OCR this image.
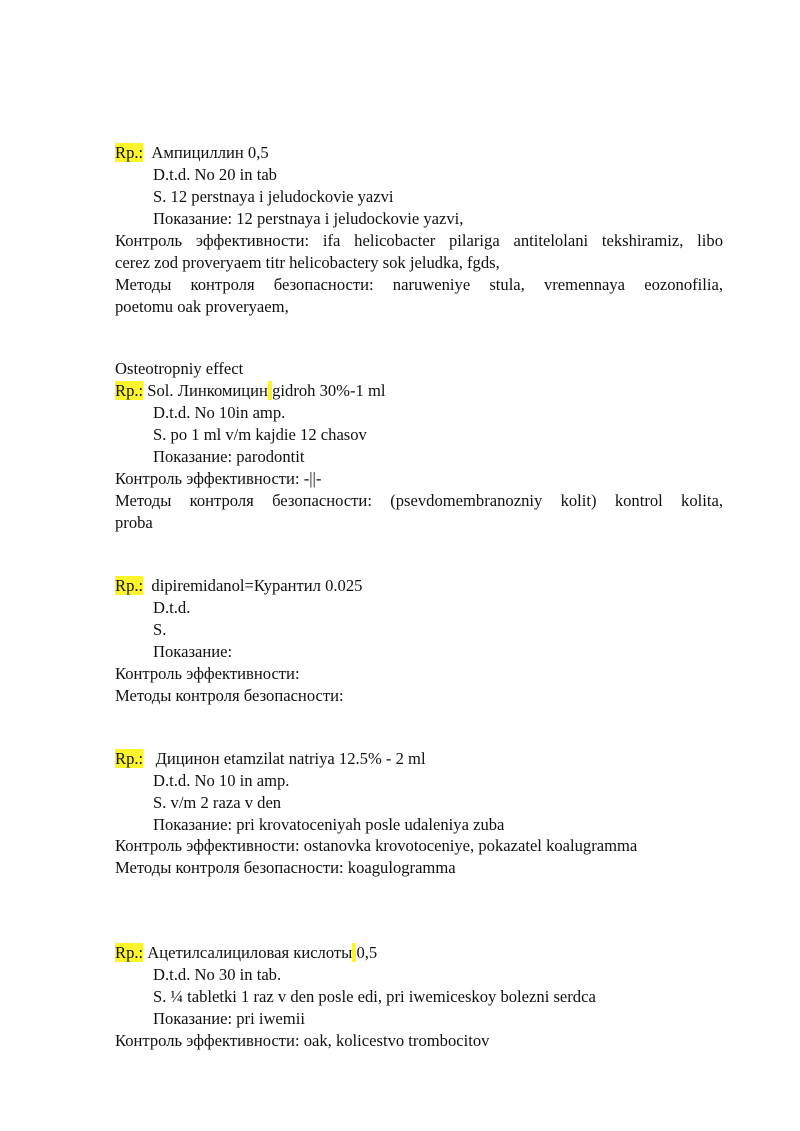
Rp.:  Ампициллин 0,5
D.t.d. No 20 in tab
S. 12 perstnaya i jeludockovie yazvi
Показание: 12 perstnaya i jeludockovie yazvi,
Контроль эффективности: ifa helicobacter pilariga antitelolani tekshiramiz, libo
cerez zod proveryaem titr helicobactery sok jeludka, fgds,
Методы контроля безопасности: naruweniye stula, vremennaya eozonofilia,
poetomu oak proveryaem,
Osteotropniy effect
Rp.: Sol. Линкомицин gidroh 30%-1 ml
D.t.d. No 10in amp.
S. po 1 ml v/m kajdie 12 chasov
Показание: parodontit
Контроль эффективности: -||-
Методы контроля безопасности: (psevdomembranozniy kolit) kontrol kolita,
proba
Rp.:  dipiremidanol=Курантил 0.025
D.t.d.
S.
Показание:
Контроль эффективности:
Методы контроля безопасности:
Rp.:   Дицинон etamzilat natriya 12.5% - 2 ml
D.t.d. No 10 in amp.
S. v/m 2 raza v den
Показание: pri krovatoceniyah posle udaleniya zuba
Контроль эффективности: ostanovka krovotoceniye, pokazatel koalugramma
Методы контроля безопасности: koagulogramma
Rp.: Ацетилсалициловая кислоты 0,5
D.t.d. No 30 in tab.
S. ¼ tabletki 1 raz v den posle edi, pri iwemiceskoy bolezni serdca
Показание: pri iwemii
Контроль эффективности: oak, kolicestvo trombocitov
